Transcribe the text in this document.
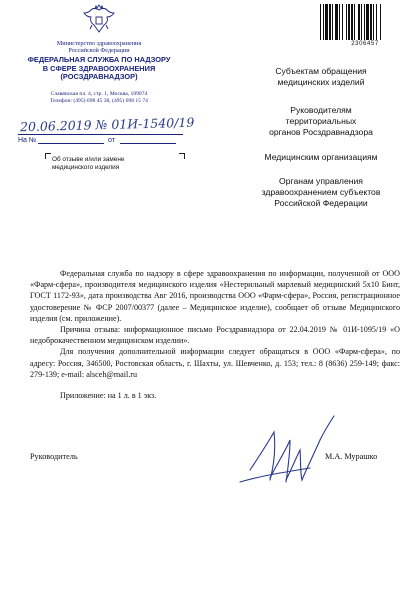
Министерство здравоохранения
Российской Федерации
ФЕДЕРАЛЬНАЯ СЛУЖБА ПО НАДЗОРУ
В СФЕРЕ ЗДРАВООХРАНЕНИЯ
(РОСЗДРАВНАДЗОР)
Славянская пл. 4, стр. 1, Москва, 109074
Телефон: (495) 698 45 38, (495) 698 15 74
20.06.2019 № 01И-1540/19
На №	от
Об отзыве и/или замене
медицинского изделия
2306457
Субъектам обращения
медицинских изделий
Руководителям
территориальных
органов Росздравнадзора
Медицинским организациям
Органам управления
здравоохранением субъектов
Российской Федерации

Федеральная служба по надзору в сфере здравоохранения по информации, полученной от ООО «Фарм-сфера», производителя медицинского изделия «Нестерильный марлевый медицинский 5х10 Бинт, ГОСТ 1172-93», дата производства Авг 2016, производства ООО «Фарм-сфера», Россия, регистрационное удостоверение № ФСР 2007/00377 (далее – Медицинское изделие), сообщает об отзыве Медицинского изделия (см. приложение).

Причина отзыва: информационное письмо Росздравнадзора от 22.04.2019 № 01И-1095/19 «О недоброкачественном медицинском изделии».

Для получения дополнительной информации следует обращаться в ООО «Фарм-сфера», по адресу: Россия, 346500, Ростовская область, г. Шахты, ул. Шевченко, д. 153; тел.: 8 (8636) 259-149; факс: 279-139; e-mail: alsceh@mail.ru

Приложение: на 1 л. в 1 экз.

Руководитель	М.А. Мурашко
